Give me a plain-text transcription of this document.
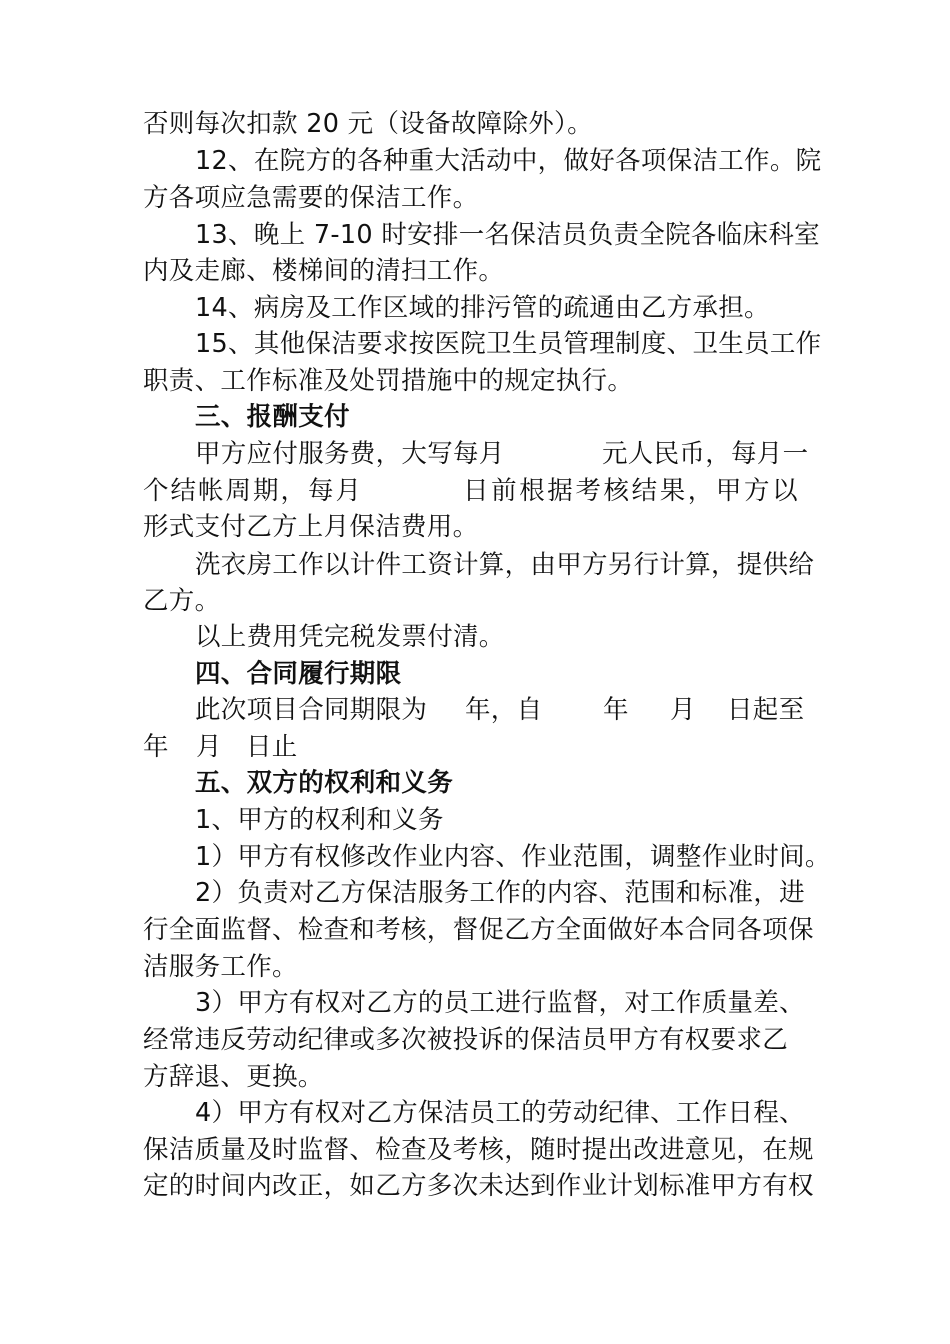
否则每次扣款 20 元（设备故障除外）。
12、在院方的各种重大活动中，做好各项保洁工作。院
方各项应急需要的保洁工作。
13、晚上 7-10 时安排一名保洁员负责全院各临床科室
内及走廊、楼梯间的清扫工作。
14、病房及工作区域的排污管的疏通由乙方承担。
15、其他保洁要求按医院卫生员管理制度、卫生员工作
职责、工作标准及处罚措施中的规定执行。
三、报酬支付
甲方应付服务费，大写每月	元人民币，每月一
个结帐周期，每月	日前根据考核结果，甲方以
形式支付乙方上月保洁费用。
洗衣房工作以计件工资计算，由甲方另行计算，提供给
乙方。
以上费用凭完税发票付清。
四、合同履行期限
此次项目合同期限为 年，自 年 月 日起至
年 月 日止
五、双方的权利和义务
1、甲方的权利和义务
1）甲方有权修改作业内容、作业范围，调整作业时间。
2）负责对乙方保洁服务工作的内容、范围和标准，进
行全面监督、检查和考核，督促乙方全面做好本合同各项保
洁服务工作。
3）甲方有权对乙方的员工进行监督，对工作质量差、
经常违反劳动纪律或多次被投诉的保洁员甲方有权要求乙
方辞退、更换。
4）甲方有权对乙方保洁员工的劳动纪律、工作日程、
保洁质量及时监督、检查及考核，随时提出改进意见，在规
定的时间内改正，如乙方多次未达到作业计划标准甲方有权
